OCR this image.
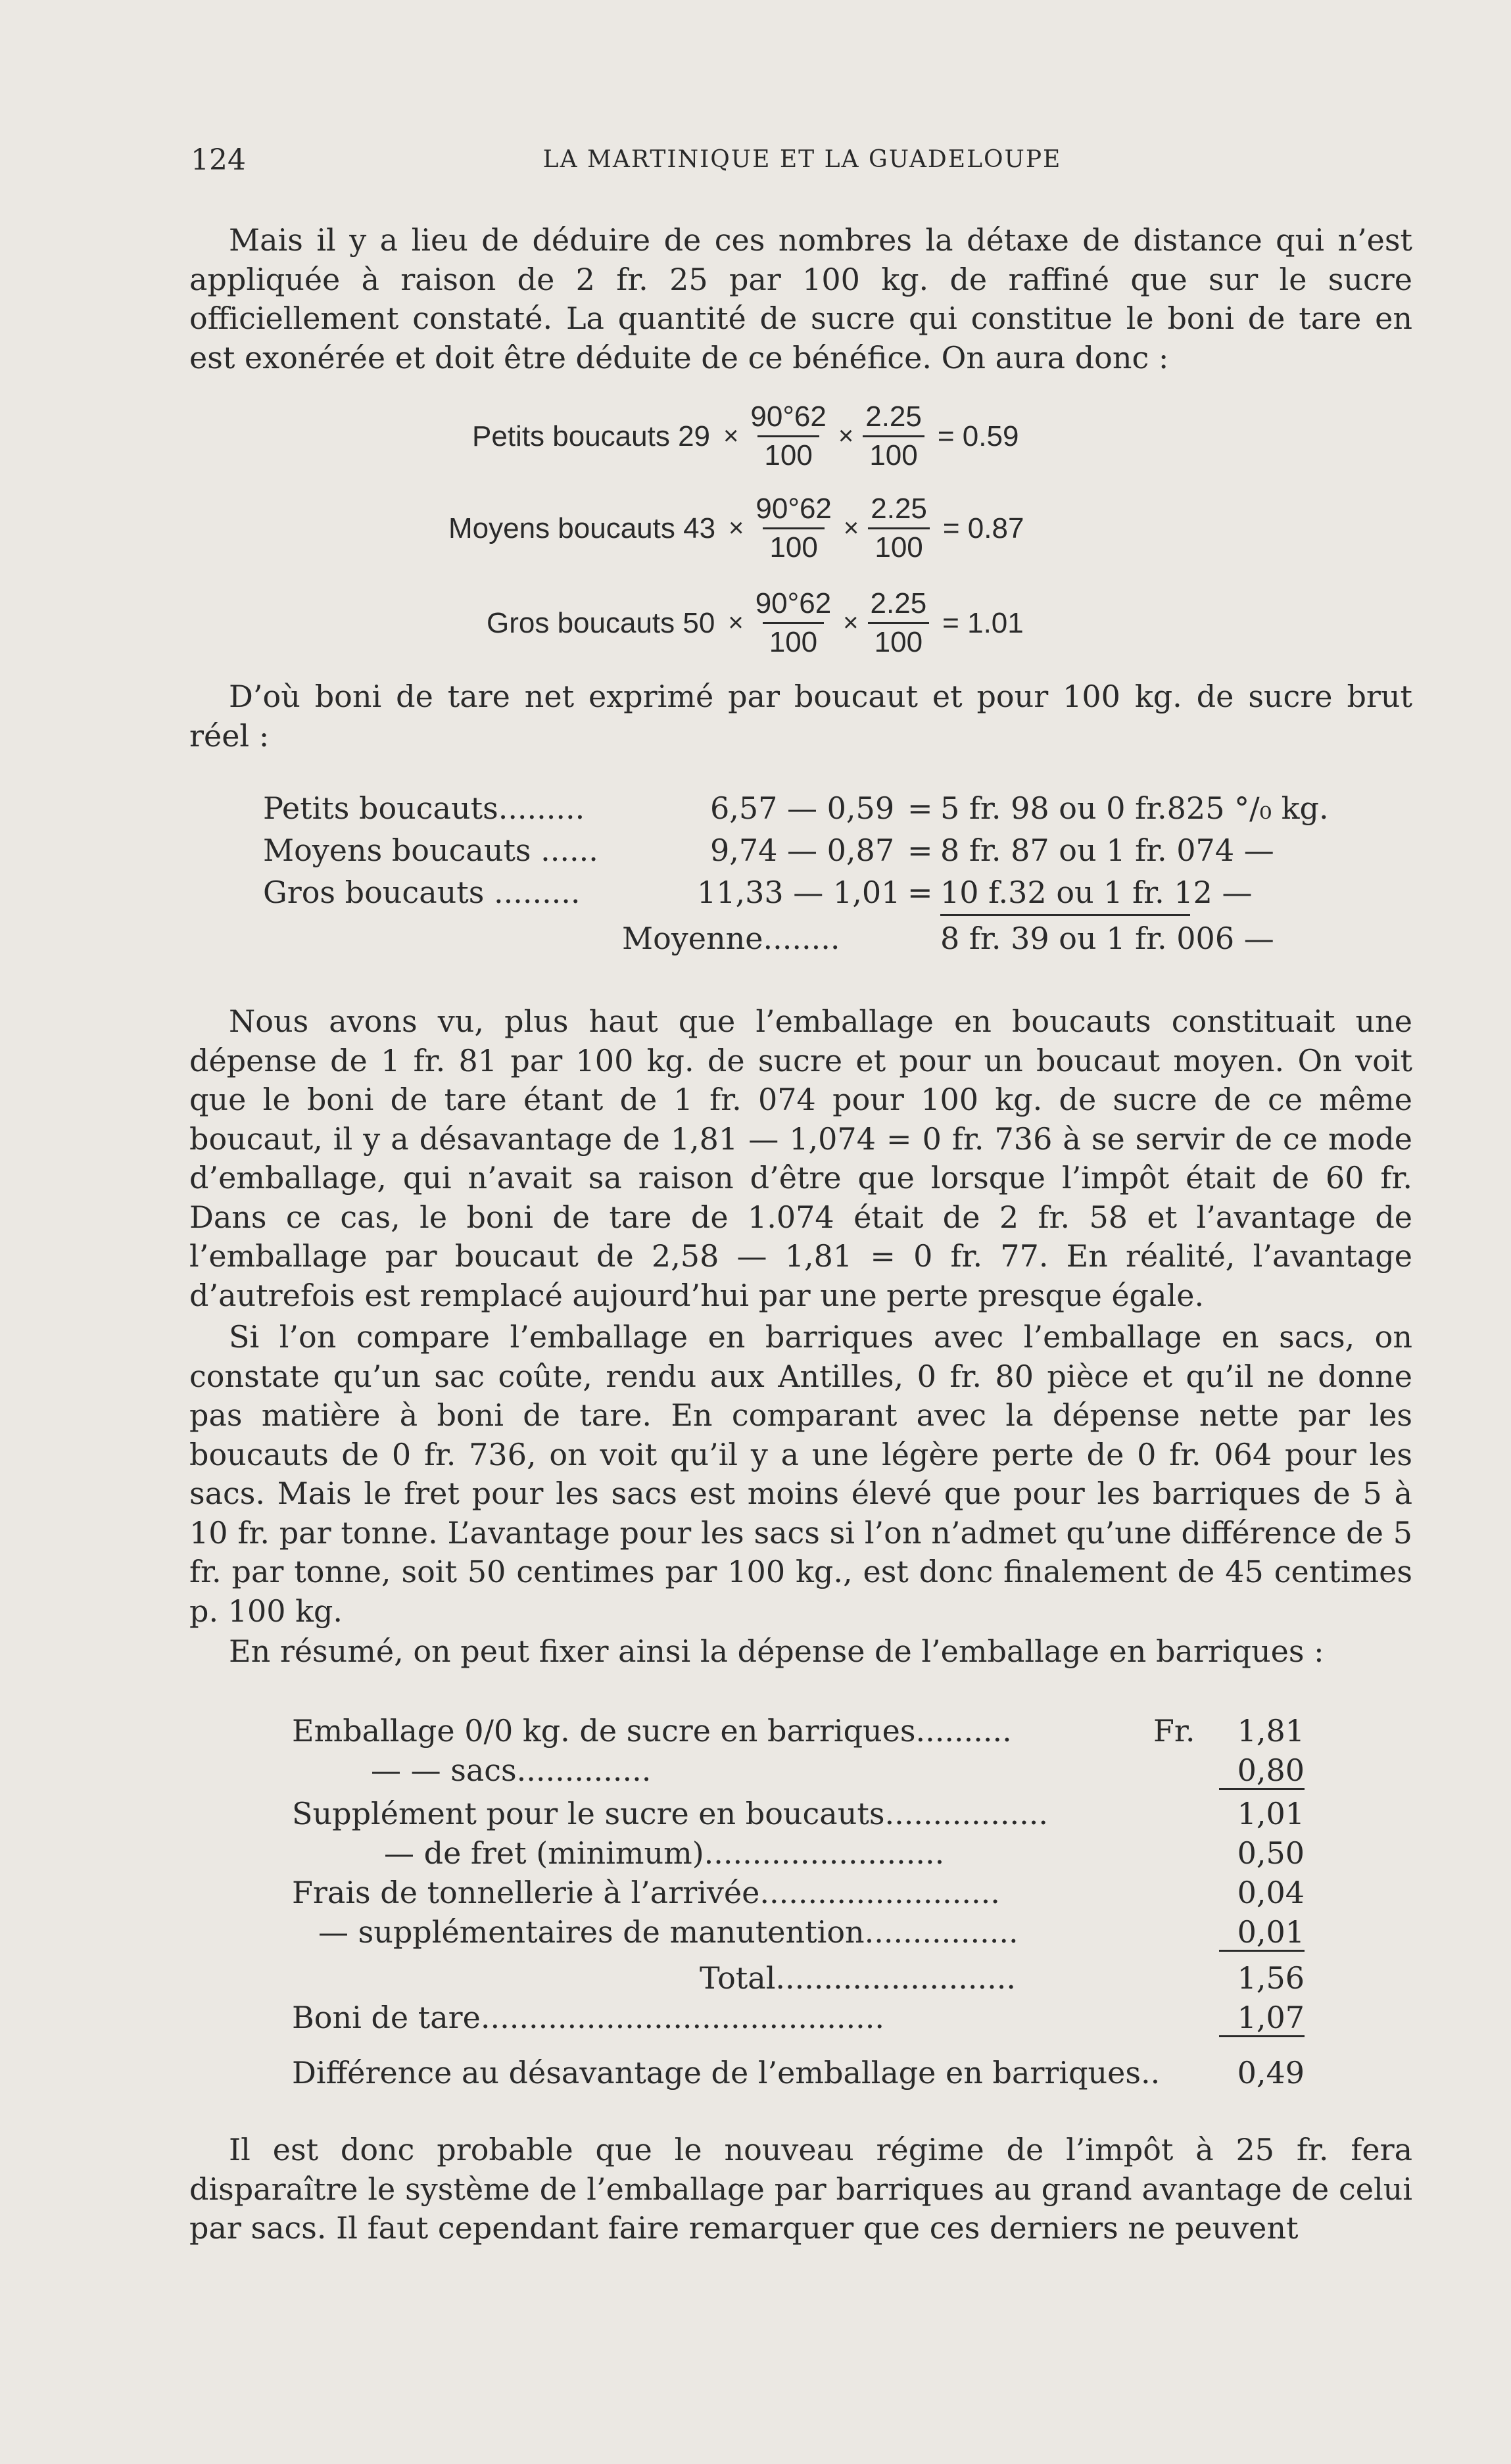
124	LA MARTINIQUE ET LA GUADELOUPE
Mais il y a lieu de déduire de ces nombres la détaxe de distance qui n’est appliquée à raison de 2 fr. 25 par 100 kg. de raffiné que sur le sucre officiellement constaté. La quantité de sucre qui constitue le boni de tare en est exonérée et doit être déduite de ce bénéfice. On aura donc :
Petits boucauts $29 \times \frac{90^\circ 62}{100} \times \frac{2.25}{100} = 0.59$
Moyens boucauts $43 \times \frac{90^\circ 62}{100} \times \frac{2.25}{100} = 0.87$
Gros boucauts $50 \times \frac{90^\circ 62}{100} \times \frac{2.25}{100} = 1.01$
D’où boni de tare net exprimé par boucaut et pour 100 kg. de sucre brut réel :
Petits boucauts.........	6,57 — 0,59 = 5 fr. 98 ou 0 fr.825 °/₀ kg.
Moyens boucauts ......	9,74 — 0,87 = 8 fr. 87 ou 1 fr. 074 —
Gros boucauts .........	11,33 — 1,01 = 10 f.32 ou 1 fr. 12 —
Moyenne........	8 fr. 39 ou 1 fr. 006 —
Nous avons vu, plus haut que l’emballage en boucauts constituait une dépense de 1 fr. 81 par 100 kg. de sucre et pour un boucaut moyen. On voit que le boni de tare étant de 1 fr. 074 pour 100 kg. de sucre de ce même boucaut, il y a désavantage de 1,81 — 1,074 = 0 fr. 736 à se servir de ce mode d’emballage, qui n’avait sa raison d’être que lorsque l’impôt était de 60 fr. Dans ce cas, le boni de tare de 1.074 était de 2 fr. 58 et l’avantage de l’emballage par boucaut de 2,58 — 1,81 = 0 fr. 77. En réalité, l’avantage d’autrefois est remplacé aujourd’hui par une perte presque égale.
Si l’on compare l’emballage en barriques avec l’emballage en sacs, on constate qu’un sac coûte, rendu aux Antilles, 0 fr. 80 pièce et qu’il ne donne pas matière à boni de tare. En comparant avec la dépense nette par les boucauts de 0 fr. 736, on voit qu’il y a une légère perte de 0 fr. 064 pour les sacs. Mais le fret pour les sacs est moins élevé que pour les barriques de 5 à 10 fr. par tonne. L’avantage pour les sacs si l’on n’admet qu’une différence de 5 fr. par tonne, soit 50 centimes par 100 kg., est donc finalement de 45 centimes p. 100 kg.
En résumé, on peut fixer ainsi la dépense de l’emballage en barriques :
Emballage 0/0 kg. de sucre en barriques..........	Fr.	1,81
— — sacs..............	0,80
Supplément pour le sucre en boucauts.................	1,01
— de fret (minimum).........................	0,50
Frais de tonnellerie à l’arrivée.........................	0,04
— supplémentaires de manutention................	0,01
Total.........................	1,56
Boni de tare..........................................	1,07
Différence au désavantage de l’emballage en barriques..	0,49
Il est donc probable que le nouveau régime de l’impôt à 25 fr. fera disparaître le système de l’emballage par barriques au grand avantage de celui par sacs. Il faut cependant faire remarquer que ces derniers ne peuvent
